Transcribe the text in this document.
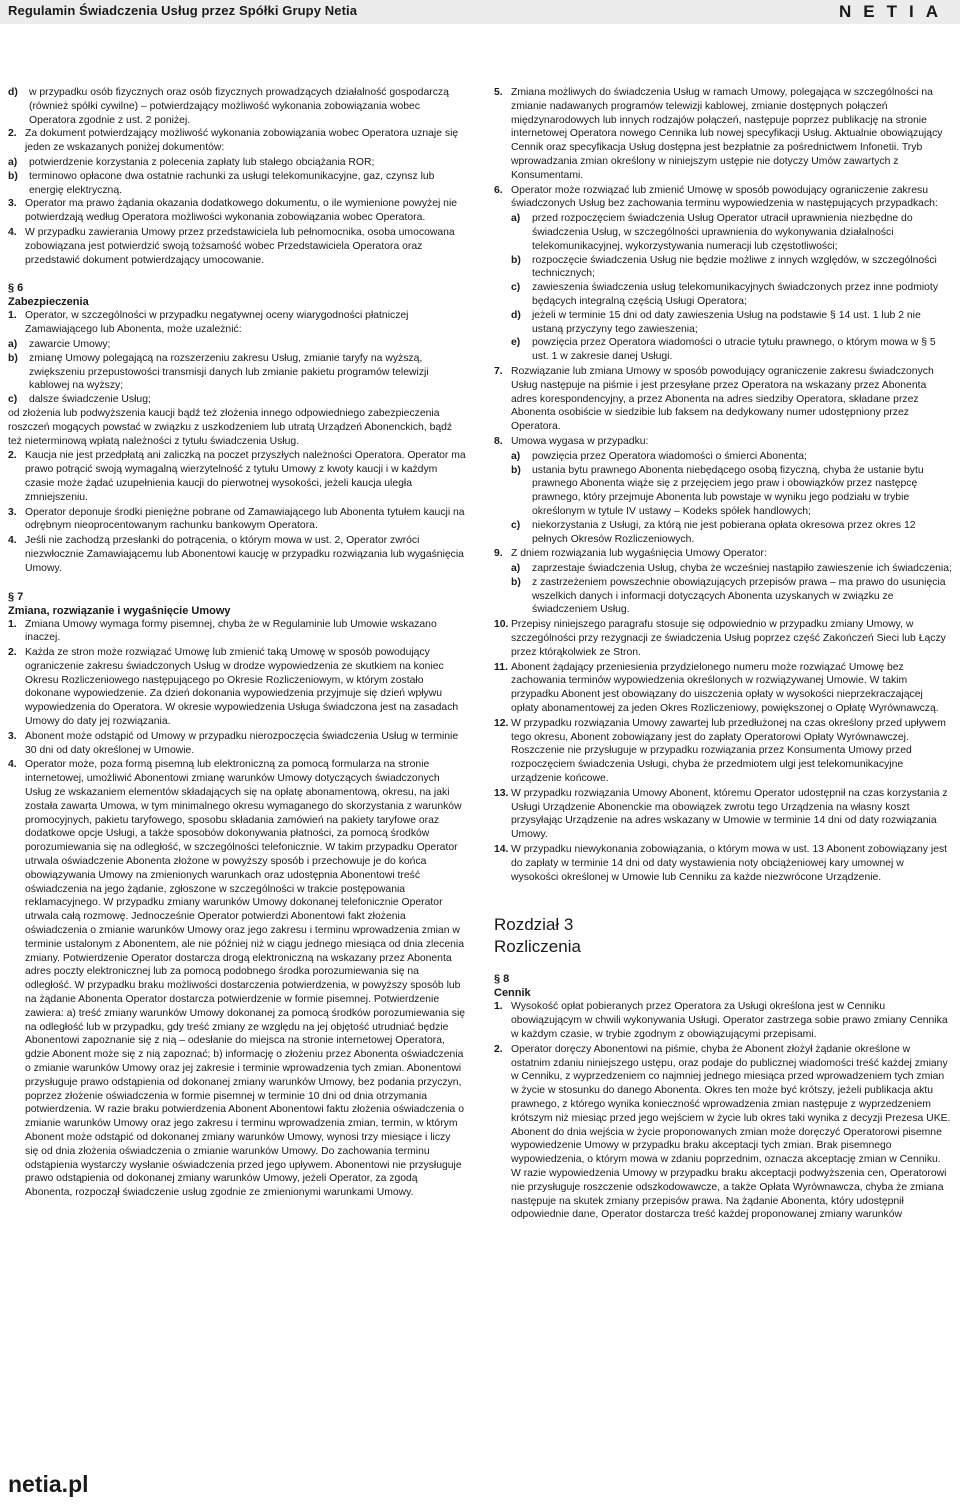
Regulamin Świadczenia Usług przez Spółki Grupy Netia	NETIA
d) w przypadku osób fizycznych oraz osób fizycznych prowadzących działalność gospodarczą (również spółki cywilne) – potwierdzający możliwość wykonania zobowiązania wobec Operatora zgodnie z ust. 2 poniżej.
2. Za dokument potwierdzający możliwość wykonania zobowiązania wobec Operatora uznaje się jeden ze wskazanych poniżej dokumentów:
a) potwierdzenie korzystania z polecenia zapłaty lub stałego obciążania ROR;
b) terminowo opłacone dwa ostatnie rachunki za usługi telekomunikacyjne, gaz, czynsz lub energię elektryczną.
3. Operator ma prawo żądania okazania dodatkowego dokumentu, o ile wymienione powyżej nie potwierdzają według Operatora możliwości wykonania zobowiązania wobec Operatora.
4. W przypadku zawierania Umowy przez przedstawiciela lub pełnomocnika, osoba umocowana zobowiązana jest potwierdzić swoją tożsamość wobec Przedstawiciela Operatora oraz przedstawić dokument potwierdzający umocowanie.
§ 6
Zabezpieczenia
1. Operator, w szczególności w przypadku negatywnej oceny wiarygodności płatniczej Zamawiającego lub Abonenta, może uzależnić:
a) zawarcie Umowy;
b) zmianę Umowy polegającą na rozszerzeniu zakresu Usług, zmianie taryfy na wyższą, zwiększeniu przepustowości transmisji danych lub zmianie pakietu programów telewizji kablowej na wyższy;
c) dalsze świadczenie Usług;
od złożenia lub podwyższenia kaucji bądź też złożenia innego odpowiedniego zabezpieczenia roszczeń mogących powstać w związku z uszkodzeniem lub utratą Urządzeń Abonenckich, bądź też nieterminową wpłatą należności z tytułu świadczenia Usług.
2. Kaucja nie jest przedpłatą ani zaliczką na poczet przyszłych należności Operatora. Operator ma prawo potrącić swoją wymagalną wierzytelność z tytułu Umowy z kwoty kaucji i w każdym czasie może żądać uzupełnienia kaucji do pierwotnej wysokości, jeżeli kaucja uległa zmniejszeniu.
3. Operator deponuje środki pieniężne pobrane od Zamawiającego lub Abonenta tytułem kaucji na odrębnym nieoprocentowanym rachunku bankowym Operatora.
4. Jeśli nie zachodzą przesłanki do potrącenia, o którym mowa w ust. 2, Operator zwróci niezwłocznie Zamawiającemu lub Abonentowi kaucję w przypadku rozwiązania lub wygaśnięcia Umowy.
§ 7
Zmiana, rozwiązanie i wygaśnięcie Umowy
1. Zmiana Umowy wymaga formy pisemnej, chyba że w Regulaminie lub Umowie wskazano inaczej.
2. Każda ze stron może rozwiązać Umowę lub zmienić taką Umowę w sposób powodujący ograniczenie zakresu świadczonych Usług w drodze wypowiedzenia ze skutkiem na koniec Okresu Rozliczeniowego następującego po Okresie Rozliczeniowym, w którym zostało dokonane wypowiedzenie. Za dzień dokonania wypowiedzenia przyjmuje się dzień wpływu wypowiedzenia do Operatora. W okresie wypowiedzenia Usługa świadczona jest na zasadach Umowy do daty jej rozwiązania.
3. Abonent może odstąpić od Umowy w przypadku nierozpoczęcia świadczenia Usług w terminie 30 dni od daty określonej w Umowie.
4. Operator może, poza formą pisemną lub elektroniczną za pomocą formularza na stronie internetowej, umożliwić Abonentowi zmianę warunków Umowy dotyczących świadczonych Usług ze wskazaniem elementów składających się na opłatę abonamentową, okresu, na jaki została zawarta Umowa, w tym minimalnego okresu wymaganego do skorzystania z warunków promocyjnych, pakietu taryfowego, sposobu składania zamówień na pakiety taryfowe oraz dodatkowe opcje Usługi, a także sposobów dokonywania płatności, za pomocą środków porozumiewania się na odległość, w szczególności telefonicznie. W takim przypadku Operator utrwala oświadczenie Abonenta złożone w powyższy sposób i przechowuje je do końca obowiązywania Umowy na zmienionych warunkach oraz udostępnia Abonentowi treść oświadczenia na jego żądanie, zgłoszone w szczególności w trakcie postępowania reklamacyjnego. W przypadku zmiany warunków Umowy dokonanej telefonicznie Operator utrwala całą rozmowę. Jednocześnie Operator potwierdzi Abonentowi fakt złożenia oświadczenia o zmianie warunków Umowy oraz jego zakresu i terminu wprowadzenia zmian w terminie ustalonym z Abonentem, ale nie później niż w ciągu jednego miesiąca od dnia zlecenia zmiany. Potwierdzenie Operator dostarcza drogą elektroniczną na wskazany przez Abonenta adres poczty elektronicznej lub za pomocą podobnego środka porozumiewania się na odległość. W przypadku braku możliwości dostarczenia potwierdzenia, w powyższy sposób lub na żądanie Abonenta Operator dostarcza potwierdzenie w formie pisemnej. Potwierdzenie zawiera: a) treść zmiany warunków Umowy dokonanej za pomocą środków porozumiewania się na odległość lub w przypadku, gdy treść zmiany ze względu na jej objętość utrudniać będzie Abonentowi zapoznanie się z nią – odesłanie do miejsca na stronie internetowej Operatora, gdzie Abonent może się z nią zapoznać; b) informację o złożeniu przez Abonenta oświadczenia o zmianie warunków Umowy oraz jej zakresie i terminie wprowadzenia tych zmian. Abonentowi przysługuje prawo odstąpienia od dokonanej zmiany warunków Umowy, bez podania przyczyn, poprzez złożenie oświadczenia w formie pisemnej w terminie 10 dni od dnia otrzymania potwierdzenia. W razie braku potwierdzenia Abonent Abonentowi faktu złożenia oświadczenia o zmianie warunków Umowy oraz jego zakresu i terminu wprowadzenia zmian, termin, w którym Abonent może odstąpić od dokonanej zmiany warunków Umowy, wynosi trzy miesiące i liczy się od dnia złożenia oświadczenia o zmianie warunków Umowy. Do zachowania terminu odstąpienia wystarczy wysłanie oświadczenia przed jego upływem. Abonentowi nie przysługuje prawo odstąpienia od dokonanej zmiany warunków Umowy, jeżeli Operator, za zgodą Abonenta, rozpoczął świadczenie usług zgodnie ze zmienionymi warunkami Umowy.
5. Zmiana możliwych do świadczenia Usług w ramach Umowy, polegająca w szczególności na zmianie nadawanych programów telewizji kablowej, zmianie dostępnych połączeń międzynarodowych lub innych rodzajów połączeń, następuje poprzez publikację na stronie internetowej Operatora nowego Cennika lub nowej specyfikacji Usług. Aktualnie obowiązujący Cennik oraz specyfikacja Usług dostępna jest bezpłatnie za pośrednictwem Infonetii. Tryb wprowadzania zmian określony w niniejszym ustępie nie dotyczy Umów zawartych z Konsumentami.
6. Operator może rozwiązać lub zmienić Umowę w sposób powodujący ograniczenie zakresu świadczonych Usług bez zachowania terminu wypowiedzenia w następujących przypadkach:
a) przed rozpoczęciem świadczenia Usług Operator utracił uprawnienia niezbędne do świadczenia Usług, w szczególności uprawnienia do wykonywania działalności telekomunikacyjnej, wykorzystywania numeracji lub częstotliwości;
b) rozpoczęcie świadczenia Usług nie będzie możliwe z innych względów, w szczególności technicznych;
c) zawieszenia świadczenia usług telekomunikacyjnych świadczonych przez inne podmioty będących integralną częścią Usługi Operatora;
d) jeżeli w terminie 15 dni od daty zawieszenia Usług na podstawie § 14 ust. 1 lub 2 nie ustaną przyczyny tego zawieszenia;
e) powzięcia przez Operatora wiadomości o utracie tytułu prawnego, o którym mowa w § 5 ust. 1 w zakresie danej Usługi.
7. Rozwiązanie lub zmiana Umowy w sposób powodujący ograniczenie zakresu świadczonych Usług następuje na piśmie i jest przesyłane przez Operatora na wskazany przez Abonenta adres korespondencyjny, a przez Abonenta na adres siedziby Operatora, składane przez Abonenta osobiście w siedzibie lub faksem na dedykowany numer udostępniony przez Operatora.
8. Umowa wygasa w przypadku:
a) powzięcia przez Operatora wiadomości o śmierci Abonenta;
b) ustania bytu prawnego Abonenta niebędącego osobą fizyczną, chyba że ustanie bytu prawnego Abonenta wiąże się z przejęciem jego praw i obowiązków przez następcę prawnego, który przejmuje Abonenta lub powstaje w wyniku jego podziału w trybie określonym w tytule IV ustawy – Kodeks spółek handlowych;
c) niekorzystania z Usługi, za którą nie jest pobierana opłata okresowa przez okres 12 pełnych Okresów Rozliczeniowych.
9. Z dniem rozwiązania lub wygaśnięcia Umowy Operator:
a) zaprzestaje świadczenia Usług, chyba że wcześniej nastąpiło zawieszenie ich świadczenia;
b) z zastrzeżeniem powszechnie obowiązujących przepisów prawa – ma prawo do usunięcia wszelkich danych i informacji dotyczących Abonenta uzyskanych w związku ze świadczeniem Usług.
10. Przepisy niniejszego paragrafu stosuje się odpowiednio w przypadku zmiany Umowy, w szczególności przy rezygnacji ze świadczenia Usług poprzez część Zakończeń Sieci lub Łączy przez którąkolwiek ze Stron.
11. Abonent żądający przeniesienia przydzielonego numeru może rozwiązać Umowę bez zachowania terminów wypowiedzenia określonych w rozwiązywanej Umowie. W takim przypadku Abonent jest obowiązany do uiszczenia opłaty w wysokości nieprzekraczającej opłaty abonamentowej za jeden Okres Rozliczeniowy, powiększonej o Opłatę Wyrównawczą.
12. W przypadku rozwiązania Umowy zawartej lub przedłużonej na czas określony przed upływem tego okresu, Abonent zobowiązany jest do zapłaty Operatorowi Opłaty Wyrównawczej. Roszczenie nie przysługuje w przypadku rozwiązania przez Konsumenta Umowy przed rozpoczęciem świadczenia Usługi, chyba że przedmiotem ulgi jest telekomunikacyjne urządzenie końcowe.
13. W przypadku rozwiązania Umowy Abonent, któremu Operator udostępnił na czas korzystania z Usługi Urządzenie Abonenckie ma obowiązek zwrotu tego Urządzenia na własny koszt przysyłając Urządzenie na adres wskazany w Umowie w terminie 14 dni od daty rozwiązania Umowy.
14. W przypadku niewykonania zobowiązania, o którym mowa w ust. 13 Abonent zobowiązany jest do zapłaty w terminie 14 dni od daty wystawienia noty obciążeniowej kary umownej w wysokości określonej w Umowie lub Cenniku za każde niezwrócone Urządzenie.
Rozdział 3
Rozliczenia
§ 8
Cennik
1. Wysokość opłat pobieranych przez Operatora za Usługi określona jest w Cenniku obowiązującym w chwili wykonywania Usługi. Operator zastrzega sobie prawo zmiany Cennika w każdym czasie, w trybie zgodnym z obowiązującymi przepisami.
2. Operator doręczy Abonentowi na piśmie, chyba że Abonent złożył żądanie określone w ostatnim zdaniu niniejszego ustępu, oraz podaje do publicznej wiadomości treść każdej zmiany w Cenniku, z wyprzedzeniem co najmniej jednego miesiąca przed wprowadzeniem tych zmian w życie w stosunku do danego Abonenta. Okres ten może być krótszy, jeżeli publikacja aktu prawnego, z którego wynika konieczność wprowadzenia zmian następuje z wyprzedzeniem krótszym niż miesiąc przed jego wejściem w życie lub okres taki wynika z decyzji Prezesa UKE. Abonent do dnia wejścia w życie proponowanych zmian może doręczyć Operatorowi pisemne wypowiedzenie Umowy w przypadku braku akceptacji tych zmian. Brak pisemnego wypowiedzenia, o którym mowa w zdaniu poprzednim, oznacza akceptację zmian w Cenniku. W razie wypowiedzenia Umowy w przypadku braku akceptacji podwyższenia cen, Operatorowi nie przysługuje roszczenie odszkodowawcze, a także Opłata Wyrównawcza, chyba że zmiana następuje na skutek zmiany przepisów prawa. Na żądanie Abonenta, który udostępnił odpowiednie dane, Operator dostarcza treść każdej proponowanej zmiany warunków
netia.pl
